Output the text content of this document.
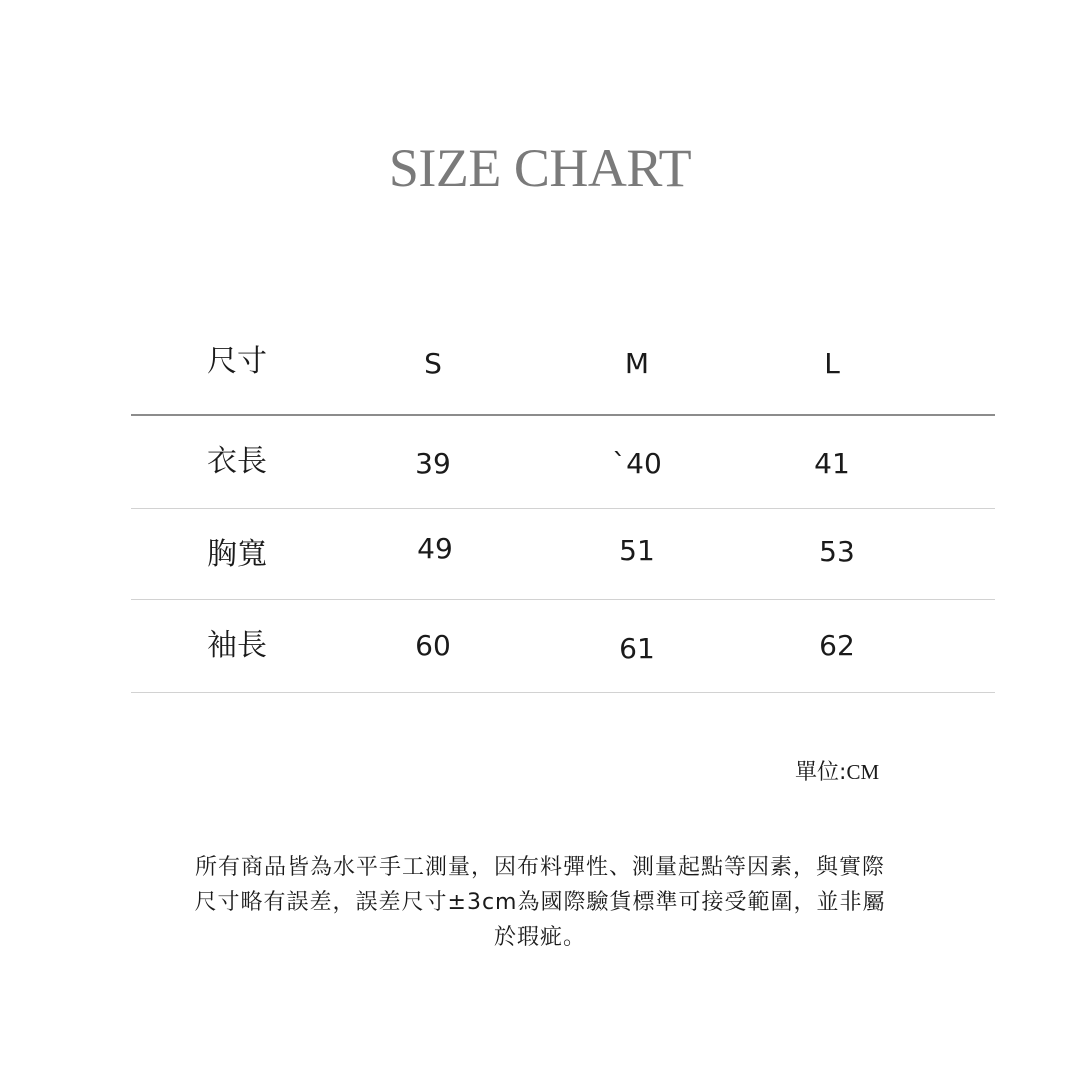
SIZE CHART
尺寸	S	M	L
衣長	39	`40	41
胸寬	49	51	53
袖長	60	61	62
單位:CM
所有商品皆為水平手工測量，因布料彈性、測量起點等因素，與實際
尺寸略有誤差，誤差尺寸±3cm為國際驗貨標準可接受範圍，並非屬
於瑕疵。
